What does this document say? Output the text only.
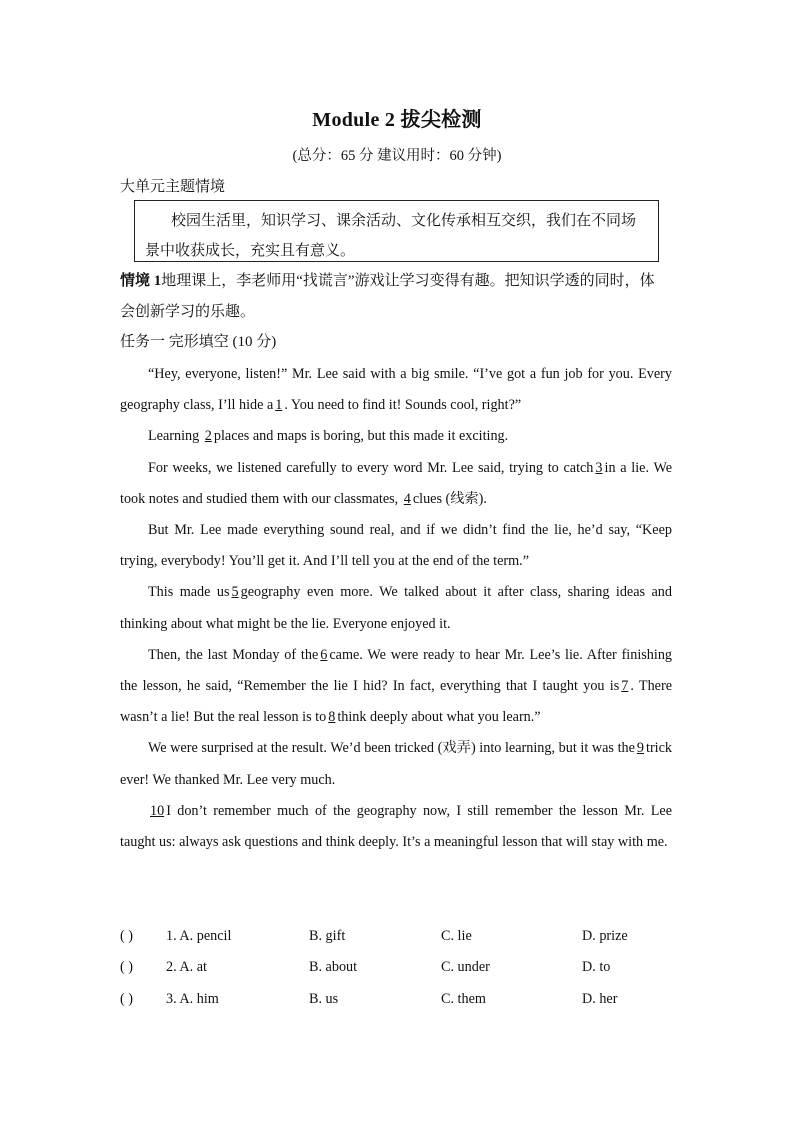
Module 2 拔尖检测
(总分：65 分 建议用时：60 分钟)
大单元主题情境
校园生活里，知识学习、课余活动、文化传承相互交织，我们在不同场景中收获成长，充实且有意义。
情境 1地理课上，李老师用“找谎言”游戏让学习变得有趣。把知识学透的同时，体会创新学习的乐趣。
任务一 完形填空 (10 分)

“Hey, everyone, listen!” Mr. Lee said with a big smile. “I’ve got a fun job for you. Every geography class, I’ll hide a 1 . You need to find it! Sounds cool, right?”

Learning 2 places and maps is boring, but this made it exciting.

For weeks, we listened carefully to every word Mr. Lee said, trying to catch 3 in a lie. We took notes and studied them with our classmates, 4 clues (线索).

But Mr. Lee made everything sound real, and if we didn’t find the lie, he’d say, “Keep trying, everybody! You’ll get it. And I’ll tell you at the end of the term.”

This made us 5 geography even more. We talked about it after class, sharing ideas and thinking about what might be the lie. Everyone enjoyed it.

Then, the last Monday of the 6 came. We were ready to hear Mr. Lee’s lie. After finishing the lesson, he said, “Remember the lie I hid? In fact, everything that I taught you is 7 . There wasn’t a lie! But the real lesson is to 8 think deeply about what you learn.”

We were surprised at the result. We’d been tricked (戏弄) into learning, but it was the 9 trick ever! We thanked Mr. Lee very much.

10 I don’t remember much of the geography now, I still remember the lesson Mr. Lee taught us: always ask questions and think deeply. It’s a meaningful lesson that will stay with me.

( ) 1. A. pencil	B. gift	C. lie	D. prize
( ) 2. A. at	B. about	C. under	D. to
( ) 3. A. him	B. us	C. them	D. her
